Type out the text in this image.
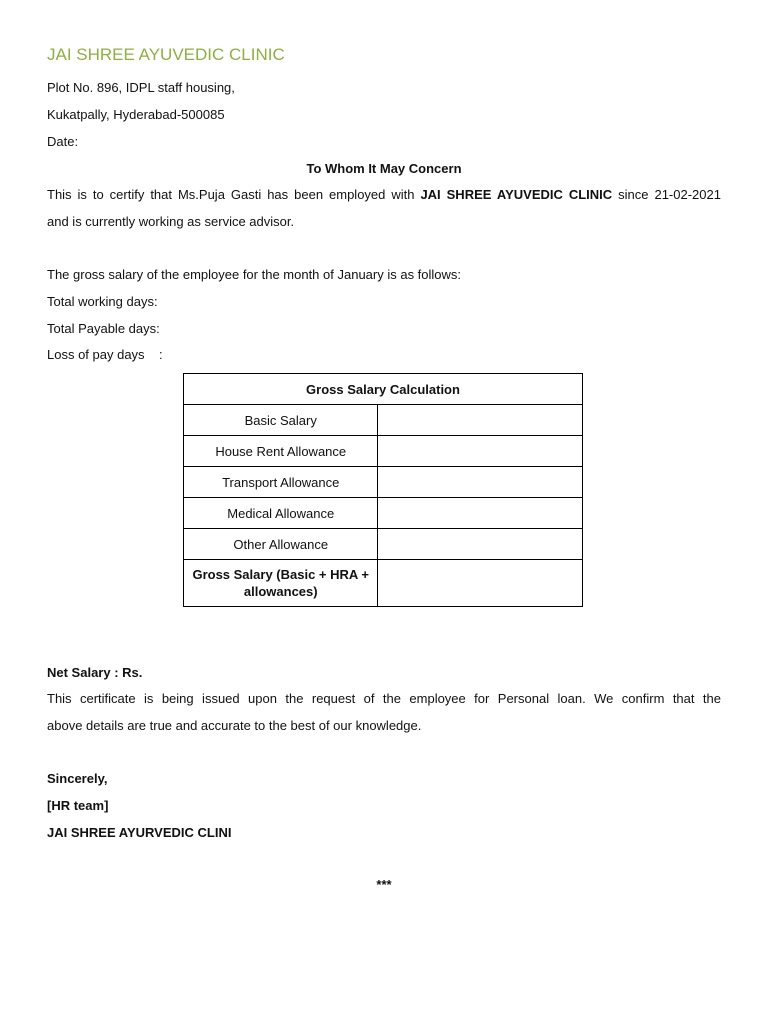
JAI SHREE AYUVEDIC CLINIC
Plot No. 896, IDPL staff housing,
Kukatpally, Hyderabad-500085
Date:
To Whom It May Concern
This is to certify that Ms.Puja Gasti has been employed with JAI SHREE AYUVEDIC CLINIC since 21-02-2021
and is currently working as service advisor.
The gross salary of the employee for the month of January is as follows:
Total working days:
Total Payable days:
Loss of pay days    :
Gross Salary Calculation	
Basic Salary	
House Rent Allowance	
Transport Allowance	
Medical Allowance	
Other Allowance	
Gross Salary (Basic + HRA +
allowances)	
Net Salary : Rs.
This certificate is being issued upon the request of the employee for Personal loan. We confirm that the
above details are true and accurate to the best of our knowledge.
Sincerely,
[HR team]
JAI SHREE AYURVEDIC CLINI
***
